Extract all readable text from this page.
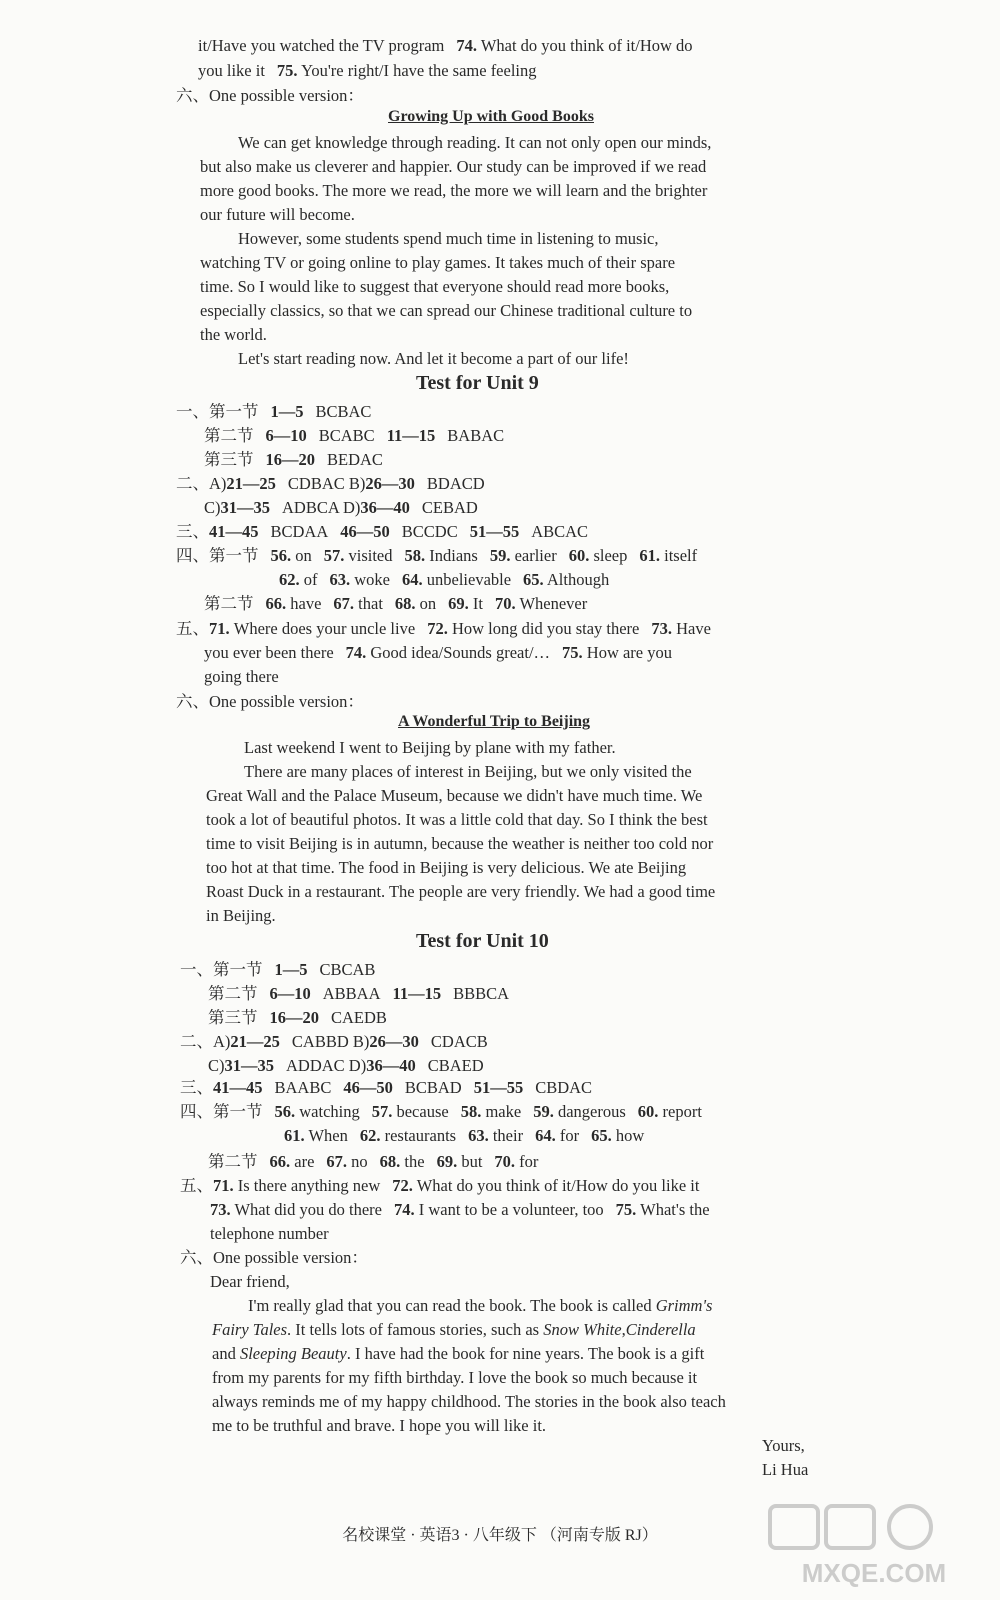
it/Have you watched the TV program 74. What do you think of it/How do
you like it 75. You're right/I have the same feeling
六、One possible version：
Growing Up with Good Books
We can get knowledge through reading. It can not only open our minds,
but also make us cleverer and happier. Our study can be improved if we read
more good books. The more we read, the more we will learn and the brighter
our future will become.
However, some students spend much time in listening to music,
watching TV or going online to play games. It takes much of their spare
time. So I would like to suggest that everyone should read more books,
especially classics, so that we can spread our Chinese traditional culture to
the world.
Let's start reading now. And let it become a part of our life!
Test for Unit 9
一、第一节 1—5 BCBAC
第二节 6—10 BCABC 11—15 BABAC
第三节 16—20 BEDAC
二、A)21—25 CDBAC B)26—30 BDACD
C)31—35 ADBCA D)36—40 CEBAD
三、41—45 BCDAA 46—50 BCCDC 51—55 ABCAC
四、第一节 56. on 57. visited 58. Indians 59. earlier 60. sleep 61. itself
62. of 63. woke 64. unbelievable 65. Although
第二节 66. have 67. that 68. on 69. It 70. Whenever
五、71. Where does your uncle live 72. How long did you stay there 73. Have
you ever been there 74. Good idea/Sounds great/… 75. How are you
going there
六、One possible version：
A Wonderful Trip to Beijing
Last weekend I went to Beijing by plane with my father.
There are many places of interest in Beijing, but we only visited the
Great Wall and the Palace Museum, because we didn't have much time. We
took a lot of beautiful photos. It was a little cold that day. So I think the best
time to visit Beijing is in autumn, because the weather is neither too cold nor
too hot at that time. The food in Beijing is very delicious. We ate Beijing
Roast Duck in a restaurant. The people are very friendly. We had a good time
in Beijing.
Test for Unit 10
一、第一节 1—5 CBCAB
第二节 6—10 ABBAA 11—15 BBBCA
第三节 16—20 CAEDB
二、A)21—25 CABBD B)26—30 CDACB
C)31—35 ADDAC D)36—40 CBAED
三、41—45 BAABC 46—50 BCBAD 51—55 CBDAC
四、第一节 56. watching 57. because 58. make 59. dangerous 60. report
61. When 62. restaurants 63. their 64. for 65. how
第二节 66. are 67. no 68. the 69. but 70. for
五、71. Is there anything new 72. What do you think of it/How do you like it
73. What did you do there 74. I want to be a volunteer, too 75. What's the
telephone number
六、One possible version：
Dear friend,
I'm really glad that you can read the book. The book is called Grimm's
Fairy Tales. It tells lots of famous stories, such as Snow White,Cinderella
and Sleeping Beauty. I have had the book for nine years. The book is a gift
from my parents for my fifth birthday. I love the book so much because it
always reminds me of my happy childhood. The stories in the book also teach
me to be truthful and brave. I hope you will like it.
Yours,
Li Hua
名校课堂 · 英语3 · 八年级下 （河南专版 RJ）
MXQE.COM
